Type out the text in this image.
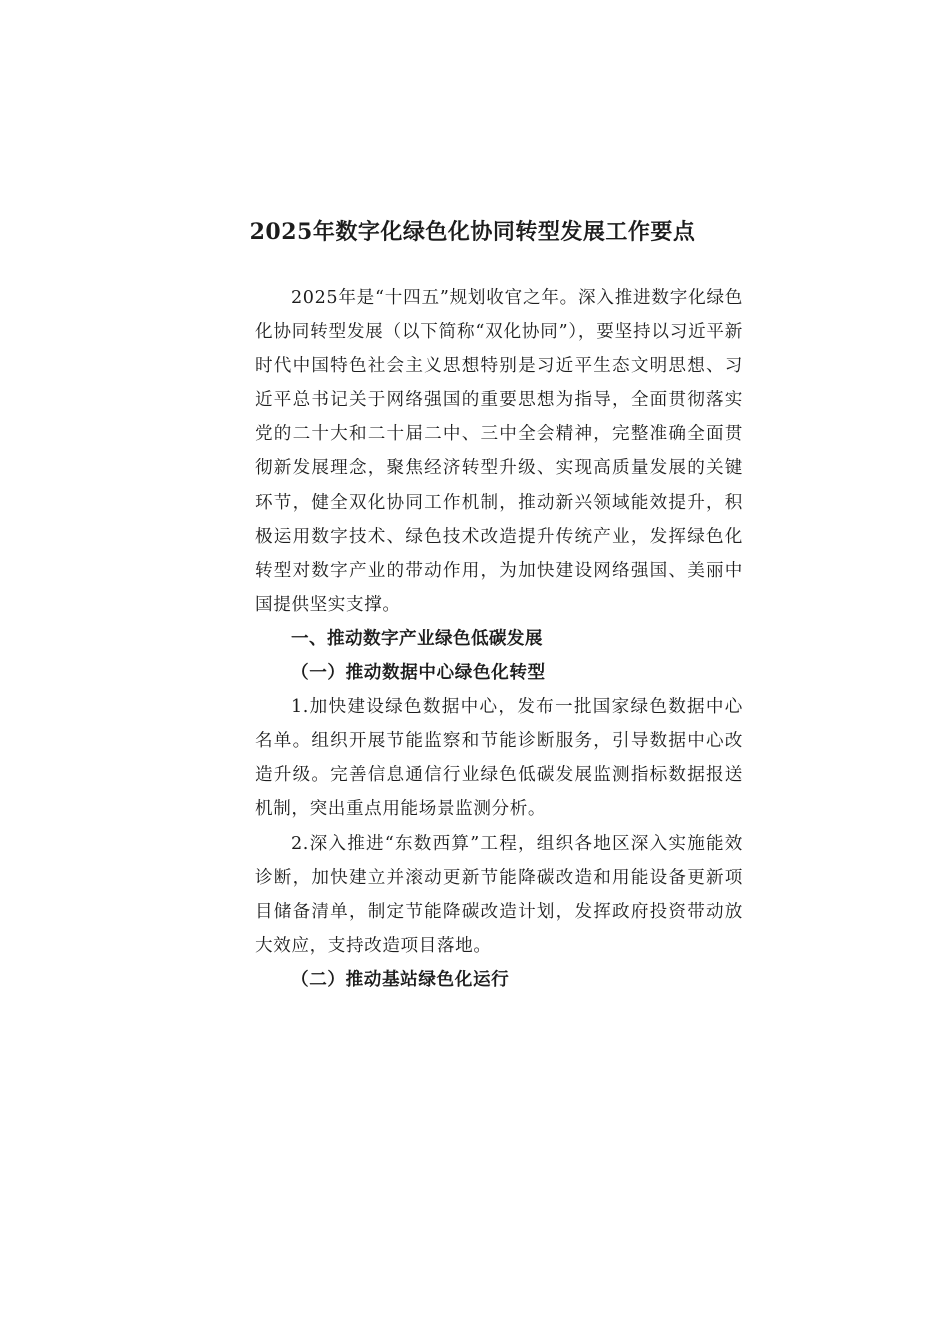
2025年数字化绿色化协同转型发展工作要点

2025年是“十四五”规划收官之年。深入推进数字化绿色化协同转型发展（以下简称“双化协同”），要坚持以习近平新时代中国特色社会主义思想特别是习近平生态文明思想、习近平总书记关于网络强国的重要思想为指导，全面贯彻落实党的二十大和二十届二中、三中全会精神，完整准确全面贯彻新发展理念，聚焦经济转型升级、实现高质量发展的关键环节，健全双化协同工作机制，推动新兴领域能效提升，积极运用数字技术、绿色技术改造提升传统产业，发挥绿色化转型对数字产业的带动作用，为加快建设网络强国、美丽中国提供坚实支撑。

一、推动数字产业绿色低碳发展

（一）推动数据中心绿色化转型

1.加快建设绿色数据中心，发布一批国家绿色数据中心名单。组织开展节能监察和节能诊断服务，引导数据中心改造升级。完善信息通信行业绿色低碳发展监测指标数据报送机制，突出重点用能场景监测分析。

2.深入推进“东数西算”工程，组织各地区深入实施能效诊断，加快建立并滚动更新节能降碳改造和用能设备更新项目储备清单，制定节能降碳改造计划，发挥政府投资带动放大效应，支持改造项目落地。

（二）推动基站绿色化运行
